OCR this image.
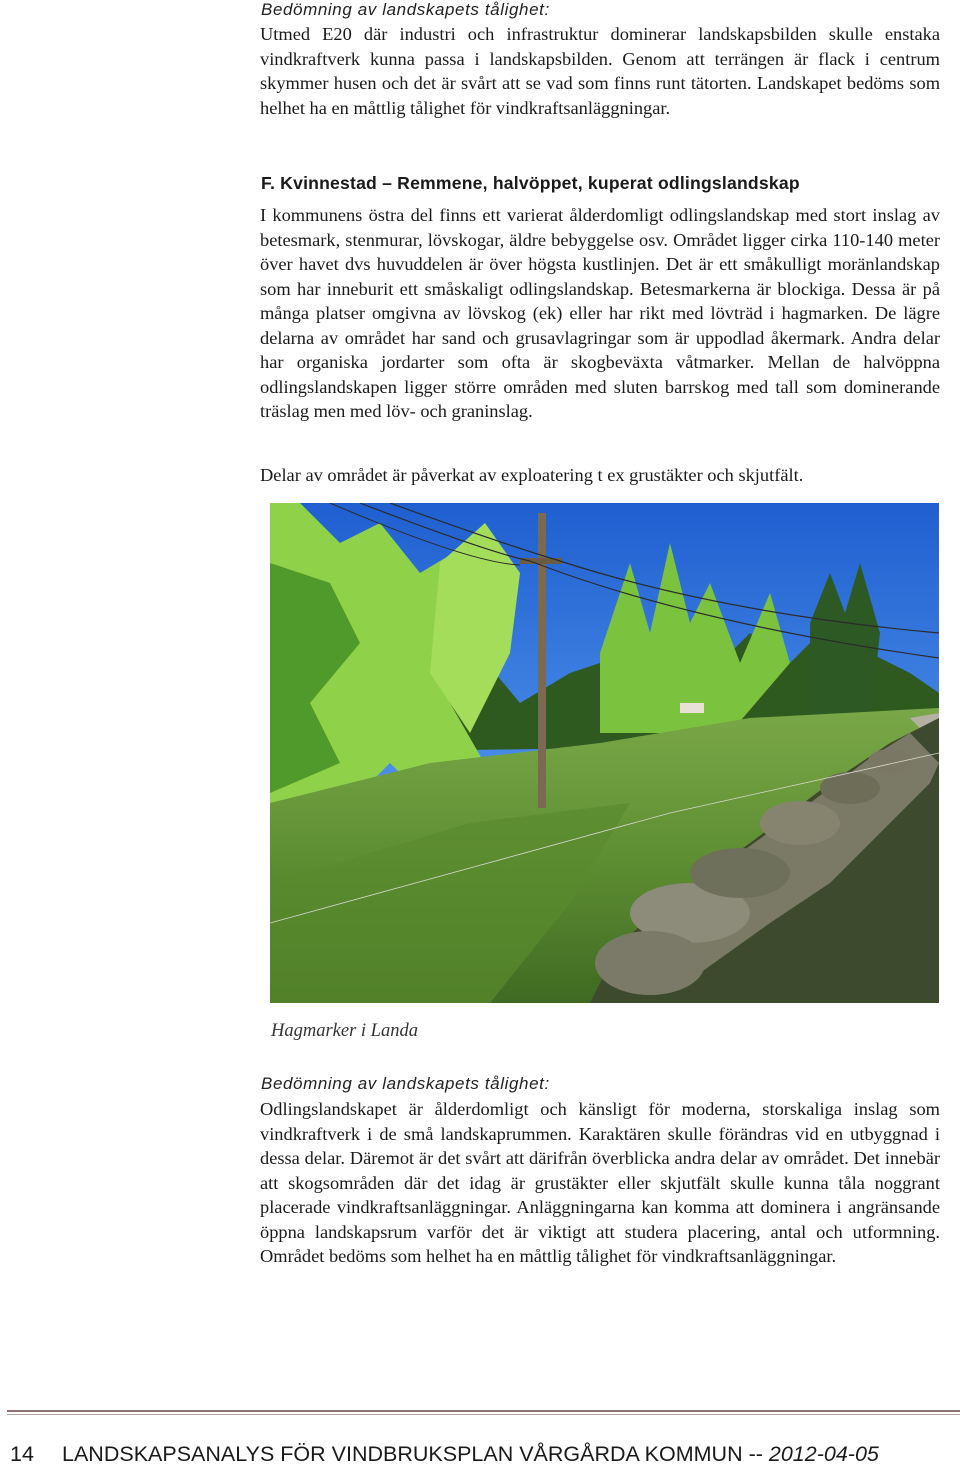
Bedömning av landskapets tålighet:

Utmed E20 där industri och infrastruktur dominerar landskapsbilden skulle enstaka vindkraftverk kunna passa i landskapsbilden. Genom att terrängen är flack i centrum skymmer husen och det är svårt att se vad som finns runt tätorten. Landskapet bedöms som helhet ha en måttlig tålighet för vindkraftsanläggningar.

F. Kvinnestad – Remmene, halvöppet, kuperat odlingslandskap

I kommunens östra del finns ett varierat ålderdomligt odlingslandskap med stort inslag av betesmark, stenmurar, lövskogar, äldre bebyggelse osv. Området ligger cirka 110-140 meter över havet dvs huvuddelen är över högsta kustlinjen. Det är ett småkulligt moränlandskap som har inneburit ett småskaligt odlingslandskap. Betesmarkerna är blockiga. Dessa är på många platser omgivna av lövskog (ek) eller har rikt med lövträd i hagmarken. De lägre delarna av området har sand och grusavlagringar som är uppodlad åkermark. Andra delar har organiska jordarter som ofta är skogbeväxta våtmarker. Mellan de halvöppna odlingslandskapen ligger större områden med sluten barrskog med tall som dominerande träslag men med löv- och graninslag.

Delar av området är påverkat av exploatering t ex grustäkter och skjutfält.

Hagmarker i Landa
Bedömning av landskapets tålighet:

Odlingslandskapet är ålderdomligt och känsligt för moderna, storskaliga inslag som vindkraftverk i de små landskaprummen. Karaktären skulle förändras vid en utbyggnad i dessa delar. Däremot är det svårt att därifrån överblicka andra delar av området. Det innebär att skogsområden där det idag är grustäkter eller skjutfält skulle kunna tåla noggrant placerade vindkraftsanläggningar. Anläggningarna kan komma att dominera i angränsande öppna landskapsrum varför det är viktigt att studera placering, antal och utformning. Området bedöms som helhet ha en måttlig tålighet för vindkraftsanläggningar.

14 LANDSKAPSANALYS FÖR VINDBRUKSPLAN VÅRGÅRDA KOMMUN -- 2012-04-05
